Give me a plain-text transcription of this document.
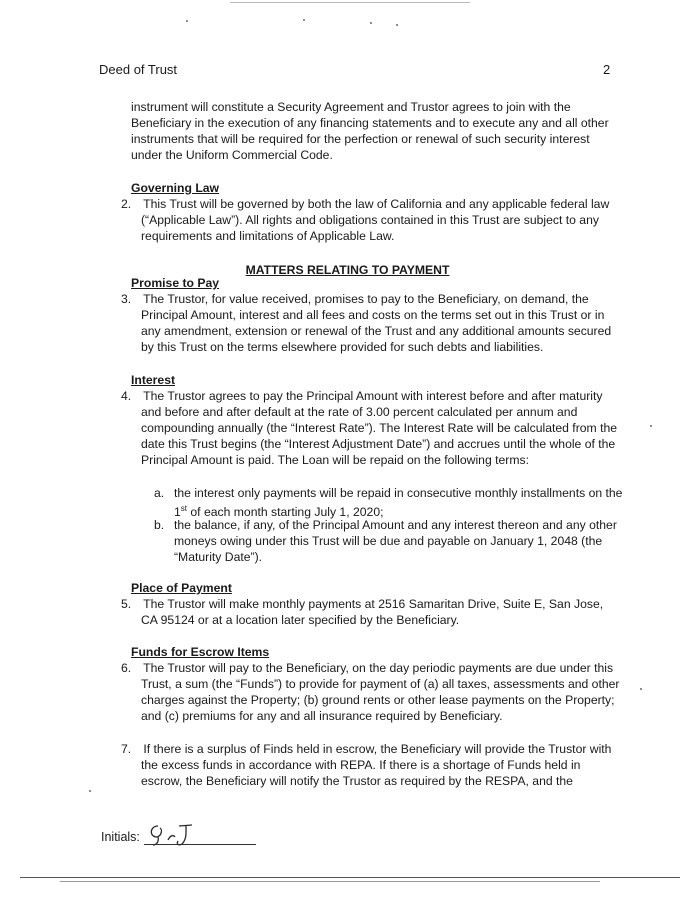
Deed of Trust	2

instrument will constitute a Security Agreement and Trustor agrees to join with the Beneficiary in the execution of any financing statements and to execute any and all other instruments that will be required for the perfection or renewal of such security interest under the Uniform Commercial Code.

Governing Law

2. This Trust will be governed by both the law of California and any applicable federal law (“Applicable Law”). All rights and obligations contained in this Trust are subject to any requirements and limitations of Applicable Law.

MATTERS RELATING TO PAYMENT

Promise to Pay

3. The Trustor, for value received, promises to pay to the Beneficiary, on demand, the Principal Amount, interest and all fees and costs on the terms set out in this Trust or in any amendment, extension or renewal of the Trust and any additional amounts secured by this Trust on the terms elsewhere provided for such debts and liabilities.

Interest

4. The Trustor agrees to pay the Principal Amount with interest before and after maturity and before and after default at the rate of 3.00 percent calculated per annum and compounding annually (the “Interest Rate”). The Interest Rate will be calculated from the date this Trust begins (the “Interest Adjustment Date”) and accrues until the whole of the Principal Amount is paid. The Loan will be repaid on the following terms:

a. the interest only payments will be repaid in consecutive monthly installments on the 1st of each month starting July 1, 2020;

b. the balance, if any, of the Principal Amount and any interest thereon and any other moneys owing under this Trust will be due and payable on January 1, 2048 (the “Maturity Date”).

Place of Payment

5. The Trustor will make monthly payments at 2516 Samaritan Drive, Suite E, San Jose, CA 95124 or at a location later specified by the Beneficiary.

Funds for Escrow Items

6. The Trustor will pay to the Beneficiary, on the day periodic payments are due under this Trust, a sum (the “Funds”) to provide for payment of (a) all taxes, assessments and other charges against the Property; (b) ground rents or other lease payments on the Property; and (c) premiums for any and all insurance required by Beneficiary.

7. If there is a surplus of Finds held in escrow, the Beneficiary will provide the Trustor with the excess funds in accordance with REPA. If there is a shortage of Funds held in escrow, the Beneficiary will notify the Trustor as required by the RESPA, and the

Initials:
